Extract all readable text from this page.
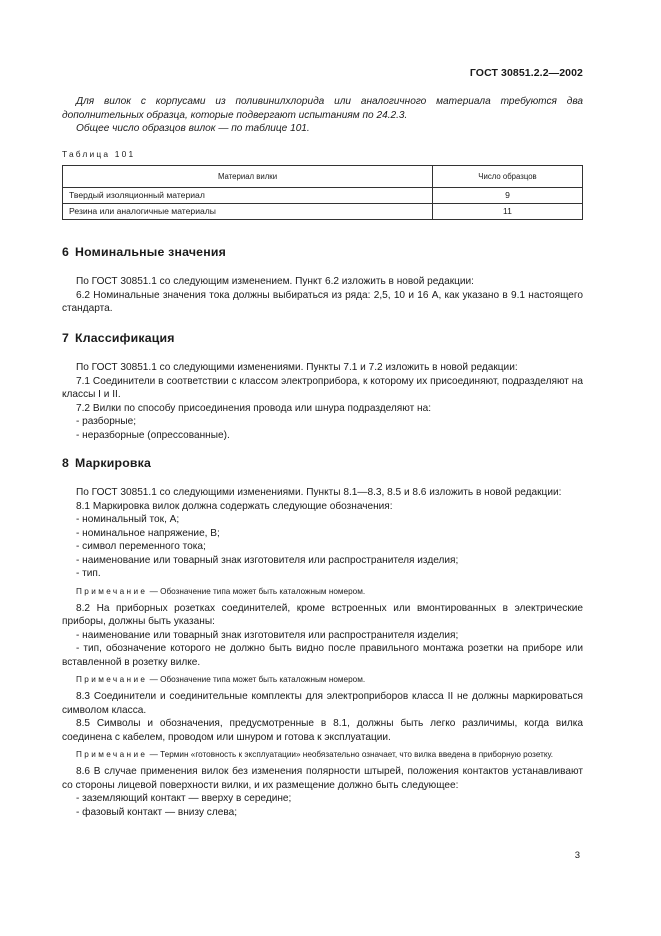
ГОСТ 30851.2.2—2002

Для вилок с корпусами из поливинилхлорида или аналогичного материала требуются два дополнительных образца, которые подвергают испытаниям по 24.2.3.

Общее число образцов вилок — по таблице 101.

Таблица 101
Материал вилки	Число образцов
Твердый изоляционный материал	9
Резина или аналогичные материалы	11
6 Номинальные значения

По ГОСТ 30851.1 со следующим изменением. Пункт 6.2 изложить в новой редакции:

6.2 Номинальные значения тока должны выбираться из ряда: 2,5, 10 и 16 А, как указано в 9.1 настоящего стандарта.

7 Классификация

По ГОСТ 30851.1 со следующими изменениями. Пункты 7.1 и 7.2 изложить в новой редакции:

7.1 Соединители в соответствии с классом электроприбора, к которому их присоединяют, подразделяют на классы I и II.

7.2 Вилки по способу присоединения провода или шнура подразделяют на:

- разборные;

- неразборные (опрессованные).

8 Маркировка

По ГОСТ 30851.1 со следующими изменениями. Пункты 8.1—8.3, 8.5 и 8.6 изложить в новой редакции:

8.1 Маркировка вилок должна содержать следующие обозначения:

- номинальный ток, А;

- номинальное напряжение, В;

- символ переменного тока;

- наименование или товарный знак изготовителя или распространителя изделия;

- тип.

Примечание — Обозначение типа может быть каталожным номером.

8.2 На приборных розетках соединителей, кроме встроенных или вмонтированных в электрические приборы, должны быть указаны:

- наименование или товарный знак изготовителя или распространителя изделия;

- тип, обозначение которого не должно быть видно после правильного монтажа розетки на приборе или вставленной в розетку вилке.

Примечание — Обозначение типа может быть каталожным номером.

8.3 Соединители и соединительные комплекты для электроприборов класса II не должны маркироваться символом класса.

8.5 Символы и обозначения, предусмотренные в 8.1, должны быть легко различимы, когда вилка соединена с кабелем, проводом или шнуром и готова к эксплуатации.

Примечание — Термин «готовность к эксплуатации» необязательно означает, что вилка введена в приборную розетку.

8.6 В случае применения вилок без изменения полярности штырей, положения контактов устанавливают со стороны лицевой поверхности вилки, и их размещение должно быть следующее:

- заземляющий контакт — вверху в середине;

- фазовый контакт — внизу слева;

3
